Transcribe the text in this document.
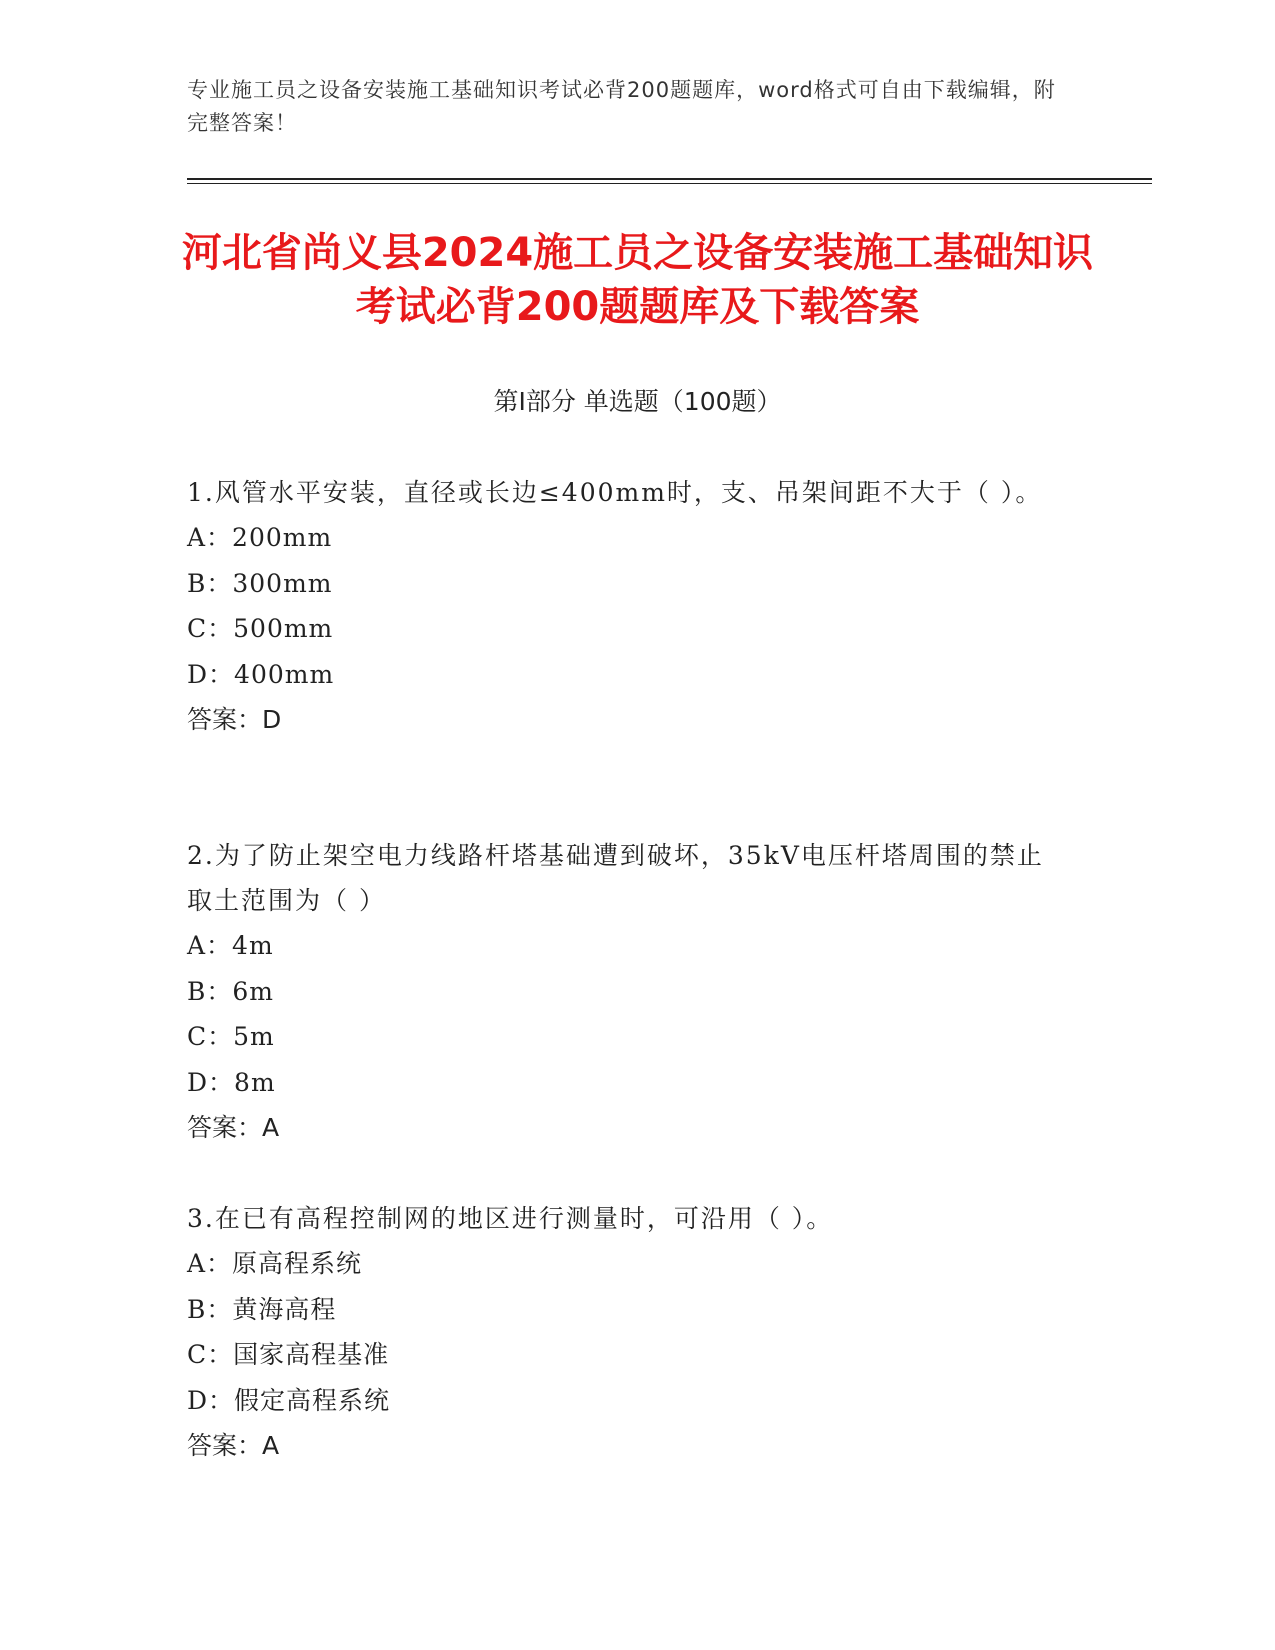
专业施工员之设备安装施工基础知识考试必背200题题库，word格式可自由下载编辑，附完整答案！
河北省尚义县2024施工员之设备安装施工基础知识考试必背200题题库及下载答案
第Ⅰ部分 单选题（100题）
1.风管水平安装，直径或长边≤400mm时，支、吊架间距不大于（ ）。
A：200mm
B：300mm
C：500mm
D：400mm
答案：D
2.为了防止架空电力线路杆塔基础遭到破坏，35kV电压杆塔周围的禁止取土范围为（ ）
A：4m
B：6m
C：5m
D：8m
答案：A
3.在已有高程控制网的地区进行测量时，可沿用（ ）。
A：原高程系统
B：黄海高程
C：国家高程基准
D：假定高程系统
答案：A
